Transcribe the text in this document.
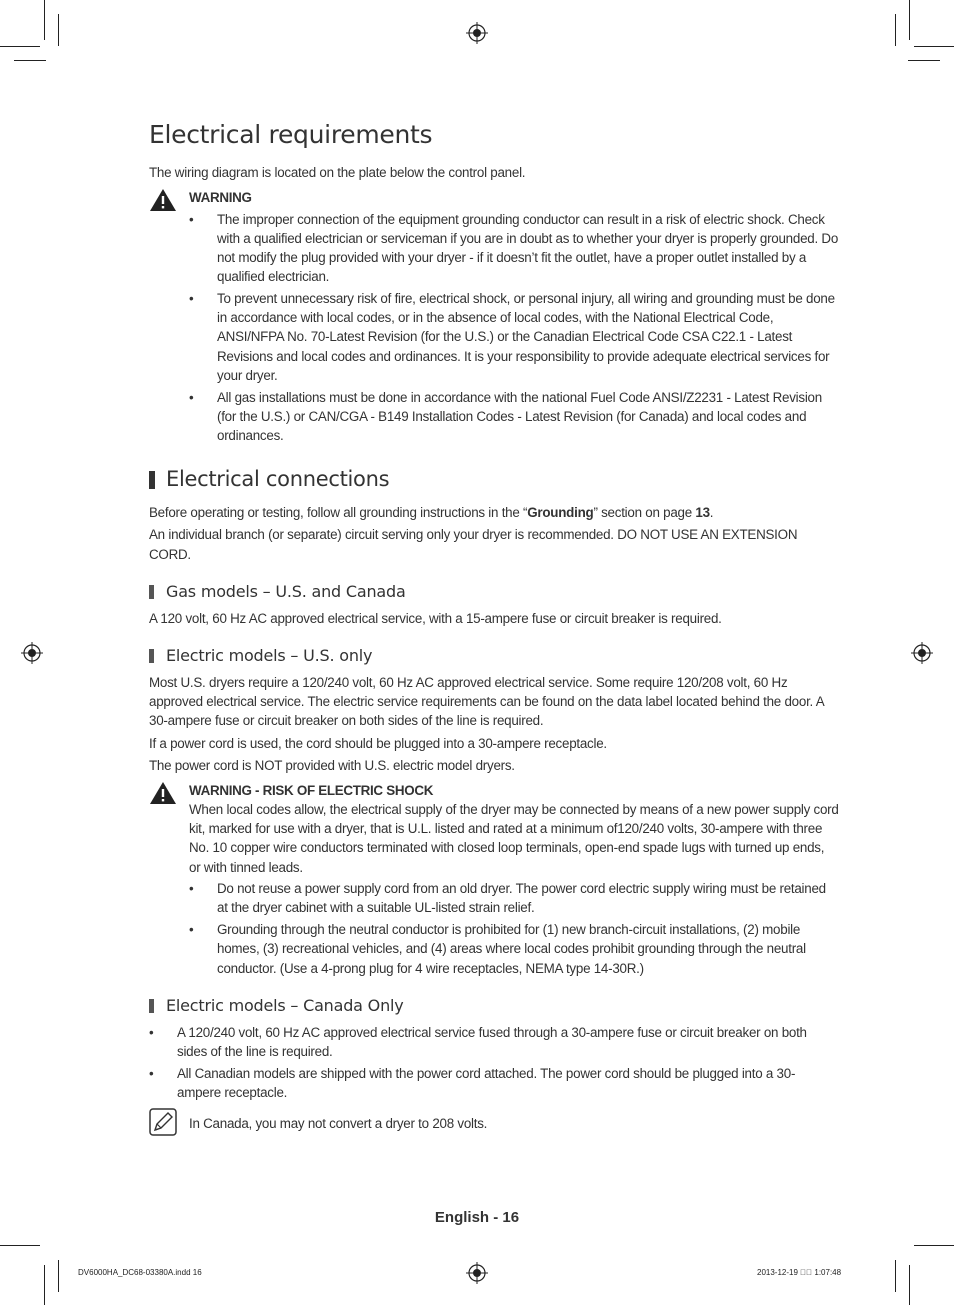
Electrical requirements

The wiring diagram is located on the plate below the control panel.

WARNING
• The improper connection of the equipment grounding conductor can result in a risk of electric shock. Check with a qualified electrician or serviceman if you are in doubt as to whether your dryer is properly grounded. Do not modify the plug provided with your dryer - if it doesn’t fit the outlet, have a proper outlet installed by a qualified electrician.
• To prevent unnecessary risk of fire, electrical shock, or personal injury, all wiring and grounding must be done in accordance with local codes, or in the absence of local codes, with the National Electrical Code, ANSI/NFPA No. 70-Latest Revision (for the U.S.) or the Canadian Electrical Code CSA C22.1 - Latest Revisions and local codes and ordinances. It is your responsibility to provide adequate electrical services for your dryer.
• All gas installations must be done in accordance with the national Fuel Code ANSI/Z2231 - Latest Revision (for the U.S.) or CAN/CGA - B149 Installation Codes - Latest Revision (for Canada) and local codes and ordinances.
Electrical connections

Before operating or testing, follow all grounding instructions in the “Grounding” section on page 13.

An individual branch (or separate) circuit serving only your dryer is recommended. DO NOT USE AN EXTENSION CORD.

Gas models – U.S. and Canada

A 120 volt, 60 Hz AC approved electrical service, with a 15-ampere fuse or circuit breaker is required.

Electric models – U.S. only

Most U.S. dryers require a 120/240 volt, 60 Hz AC approved electrical service. Some require 120/208 volt, 60 Hz approved electrical service. The electric service requirements can be found on the data label located behind the door. A 30-ampere fuse or circuit breaker on both sides of the line is required.

If a power cord is used, the cord should be plugged into a 30-ampere receptacle.

The power cord is NOT provided with U.S. electric model dryers.

WARNING - RISK OF ELECTRIC SHOCK

When local codes allow, the electrical supply of the dryer may be connected by means of a new power supply cord kit, marked for use with a dryer, that is U.L. listed and rated at a minimum of120/240 volts, 30-ampere with three No. 10 copper wire conductors terminated with closed loop terminals, open-end spade lugs with turned up ends, or with tinned leads.

• Do not reuse a power supply cord from an old dryer. The power cord electric supply wiring must be retained at the dryer cabinet with a suitable UL-listed strain relief.
• Grounding through the neutral conductor is prohibited for (1) new branch-circuit installations, (2) mobile homes, (3) recreational vehicles, and (4) areas where local codes prohibit grounding through the neutral conductor. (Use a 4-prong plug for 4 wire receptacles, NEMA type 14-30R.)
Electric models – Canada Only
• A 120/240 volt, 60 Hz AC approved electrical service fused through a 30-ampere fuse or circuit breaker on both sides of the line is required.
• All Canadian models are shipped with the power cord attached. The power cord should be plugged into a 30-ampere receptacle.

In Canada, you may not convert a dryer to 208 volts.

English - 16
DV6000HA_DC68-03380A.indd 16	2013-12-19 ￿￿ 1:07:48
